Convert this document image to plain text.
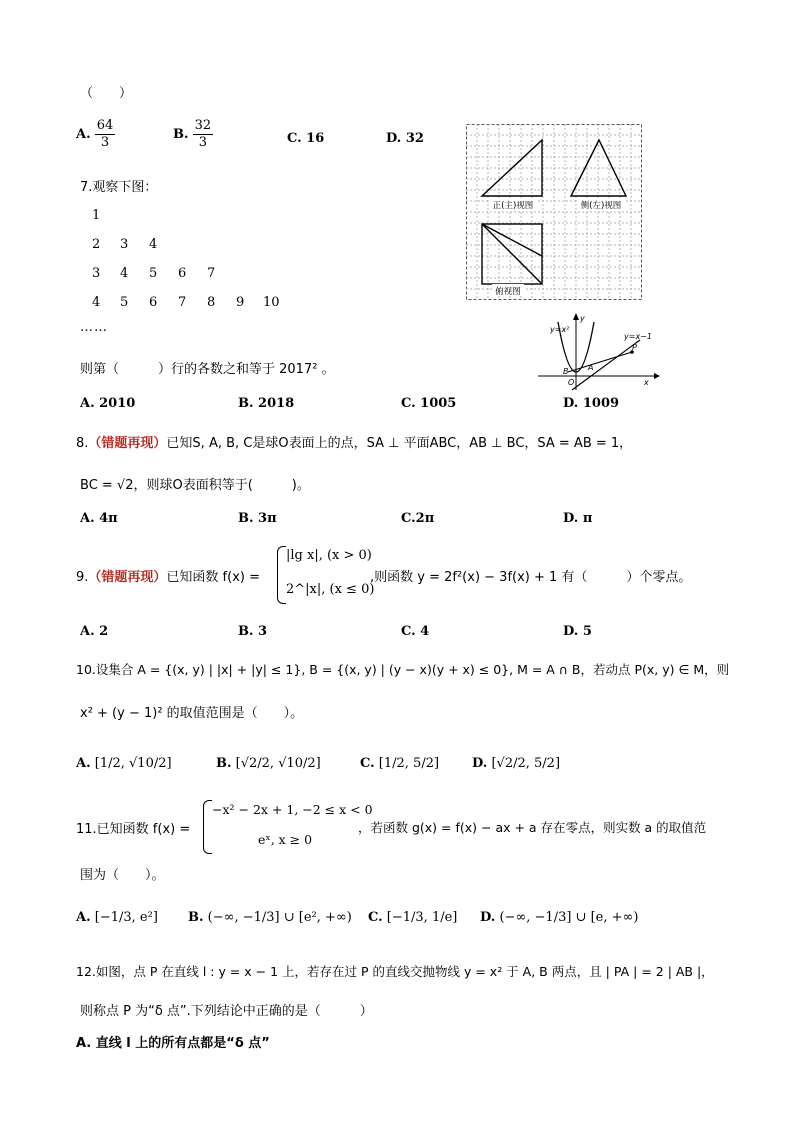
（　　）
A. $\frac{64}{3}$	B. $\frac{32}{3}$	C. 16	D. 32
正(主)视图	侧(左)视图
俯视图
7.观察下图：
1
2 3 4
3 4 5 6 7
4 5 6 7 8 9 10
……
则第（　　　）行的各数之和等于 2017² 。
A. 2010	B. 2018	C. 1005	D. 1009
y=x²
y=x−1
y
x
O
A
B
P
8.（错题再现）已知S, A, B, C是球O表面上的点，SA ⊥ 平面ABC，AB ⊥ BC，SA = AB = 1，
BC = √2，则球O表面积等于(　　　)。
A. 4π	B. 3π	C.2π	D. π
9.（错题再现）已知函数 f(x) =
|lg x|, (x > 0)
2^|x|, (x ≤ 0)
,则函数 y = 2f²(x) − 3f(x) + 1 有（　　　）个零点。
A. 2	B. 3	C. 4	D. 5
10.设集合 A = {(x, y) | |x| + |y| ≤ 1}, B = {(x, y) | (y − x)(y + x) ≤ 0}, M = A ∩ B，若动点 P(x, y) ∈ M，则
x² + (y − 1)² 的取值范围是（　　）。
A. [1/2, √10/2]	B. [√2/2, √10/2]	C. [1/2, 5/2]	D. [√2/2, 5/2]
11.已知函数 f(x) =
−x² − 2x + 1, −2 ≤ x < 0
eˣ, x ≥ 0
，若函数 g(x) = f(x) − ax + a 存在零点，则实数 a 的取值范
围为（　　）。
A. [−1/3, e²] B. (−∞, −1/3] ∪ [e², +∞) C. [−1/3, 1/e] D. (−∞, −1/3] ∪ [e, +∞)
12.如图，点 P 在直线 l : y = x − 1 上，若存在过 P 的直线交抛物线 y = x² 于 A, B 两点，且 | PA | = 2 | AB |，
则称点 P 为“δ 点”.下列结论中正确的是（　　　）
A. 直线 l 上的所有点都是“δ 点”
